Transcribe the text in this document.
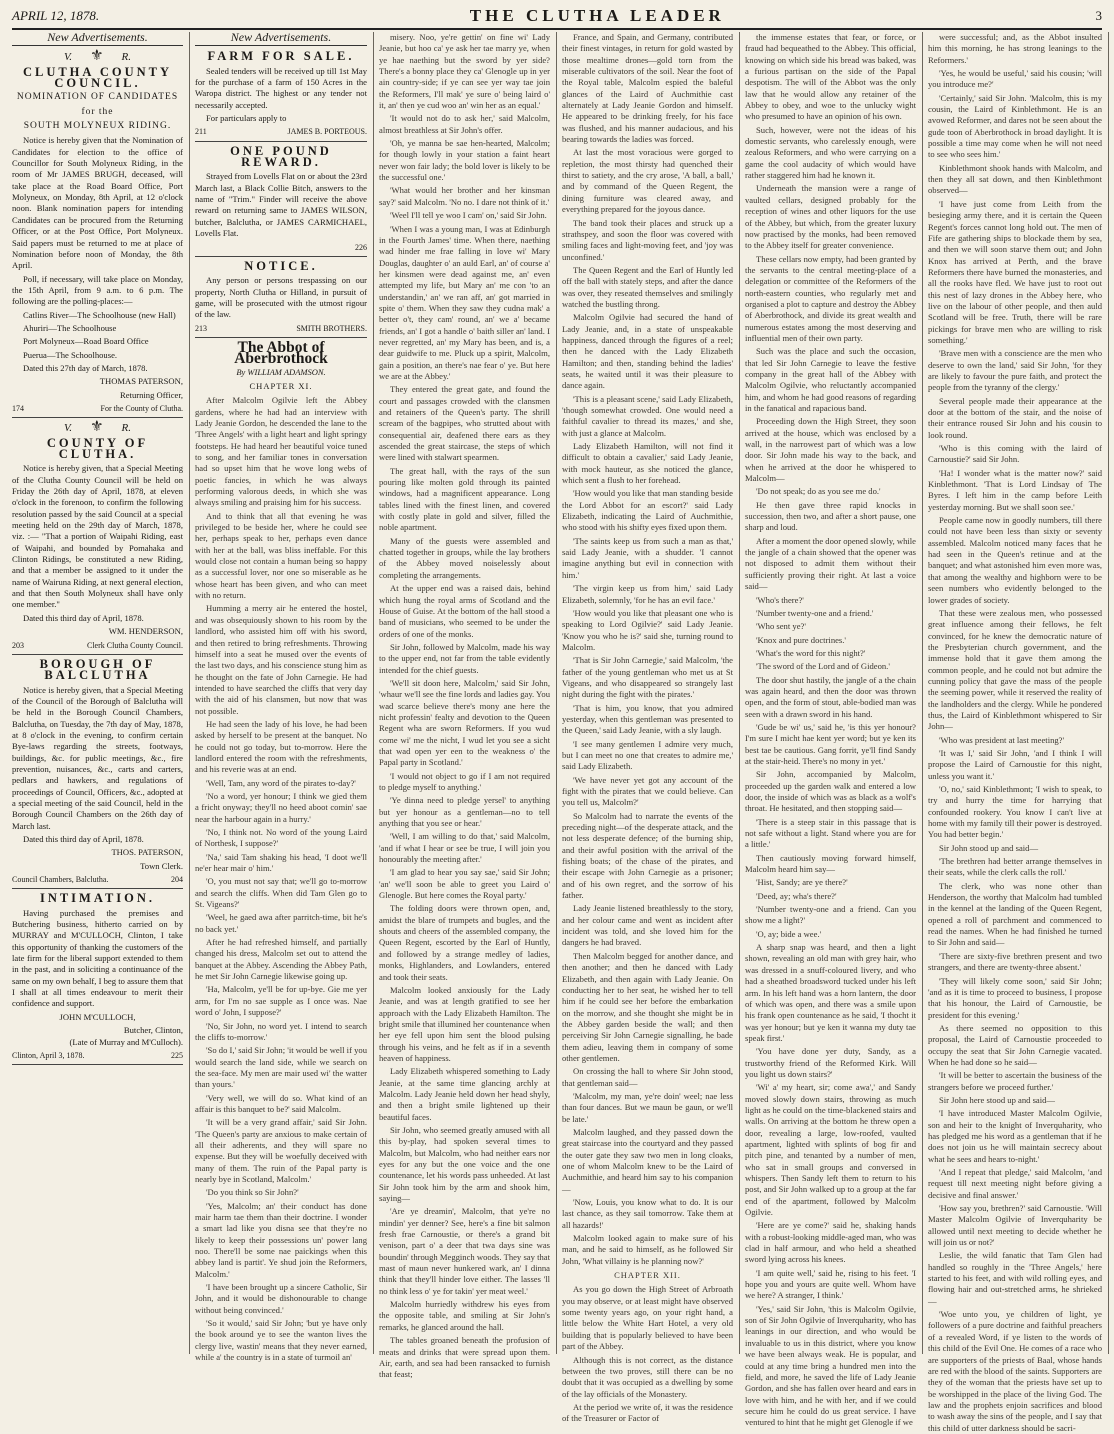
APRIL 12, 1878.	THE CLUTHA LEADER	3
New Advertisements.
V. ⚜ R.
CLUTHA COUNTY COUNCIL.
NOMINATION OF CANDIDATES
for the
SOUTH MOLYNEUX RIDING.

Notice is hereby given that the Nomination of Candidates for election to the office of Councillor for South Molyneux Riding, in the room of Mr JAMES BRUGH, deceased, will take place at the Road Board Office, Port Molyneux, on Monday, 8th April, at 12 o'clock noon. Blank nomination papers for intending Candidates can be procured from the Returning Officer, or at the Post Office, Port Molyneux. Said papers must be returned to me at place of Nomination before noon of Monday, the 8th April.

Poll, if necessary, will take place on Monday, the 15th April, from 9 a.m. to 6 p.m. The following are the polling-places:—

Catlins River—The Schoolhouse (new Hall)

Ahuriri—The Schoolhouse

Port Molyneux—Road Board Office

Puerua—The Schoolhouse.

Dated this 27th day of March, 1878.

THOMAS PATERSON,
Returning Officer,
174	For the County of Clutha.
V. ⚜ R.
COUNTY OF CLUTHA.

Notice is hereby given, that a Special Meeting of the Clutha County Council will be held on Friday the 26th day of April, 1878, at eleven o'clock in the forenoon, to confirm the following resolution passed by the said Council at a special meeting held on the 29th day of March, 1878, viz. :— "That a portion of Waipahi Riding, east of Waipahi, and bounded by Pomahaka and Clinton Ridings, be constituted a new Riding, and that a member be assigned to it under the name of Wairuna Riding, at next general election, and that then South Molyneux shall have only one member."

Dated this third day of April, 1878.

WM. HENDERSON,
203	Clerk Clutha County Council.
BOROUGH OF BALCLUTHA

Notice is hereby given, that a Special Meeting of the Council of the Borough of Balclutha will be held in the Borough Council Chambers, Balclutha, on Tuesday, the 7th day of May, 1878, at 8 o'clock in the evening, to confirm certain Bye-laws regarding the streets, footways, buildings, &c. for public meetings, &c., fire prevention, nuisances, &c., carts and carters, pedlars and hawkers, and regulations of proceedings of Council, Officers, &c., adopted at a special meeting of the said Council, held in the Borough Council Chambers on the 26th day of March last.

Dated this third day of April, 1878.

THOS. PATERSON,
Town Clerk.
Council Chambers, Balclutha.	204
INTIMATION.

Having purchased the premises and Butchering business, hitherto carried on by MURRAY and M'CULLOCH, Clinton, I take this opportunity of thanking the customers of the late firm for the liberal support extended to them in the past, and in soliciting a continuance of the same on my own behalf, I beg to assure them that I shall at all times endeavour to merit their confidence and support.

JOHN M'CULLOCH,
Butcher, Clinton,
(Late of Murray and M'Culloch).
Clinton, April 3, 1878.	225
New Advertisements.
FARM FOR SALE.

Sealed tenders will be received up till 1st May for the purchase of a farm of 150 Acres in the Waropa district. The highest or any tender not necessarily accepted.

For particulars apply to

211	JAMES B. PORTEOUS.
ONE POUND REWARD.

Strayed from Lovells Flat on or about the 23rd March last, a Black Collie Bitch, answers to the name of "Trim." Finder will receive the above reward on returning same to JAMES WILSON, butcher, Balclutha, or JAMES CARMICHAEL, Lovells Flat.

226
NOTICE.

Any person or persons trespassing on our property, North Clutha or Hilland, in pursuit of game, will be prosecuted with the utmost rigour of the law.

213	SMITH BROTHERS.
The Abbot of Aberbrothock
By WILLIAM ADAMSON.
CHAPTER XI.

After Malcolm Ogilvie left the Abbey gardens, where he had had an interview with Lady Jeanie Gordon, he descended the lane to the 'Three Angels' with a light heart and light springy footsteps. He had heard her beautiful voice tuned to song, and her familiar tones in conversation had so upset him that he wove long webs of poetic fancies, in which he was always performing valorous deeds, in which she was always smiling and praising him for his success.

And to think that all that evening he was privileged to be beside her, where he could see her, perhaps speak to her, perhaps even dance with her at the ball, was bliss ineffable. For this would close not contain a human being so happy as a successful lover, nor one so miserable as he whose heart has been given, and who can meet with no return.

Humming a merry air he entered the hostel, and was obsequiously shown to his room by the landlord, who assisted him off with his sword, and then retired to bring refreshments. Throwing himself into a seat he mused over the events of the last two days, and his conscience stung him as he thought on the fate of John Carnegie. He had intended to have searched the cliffs that very day with the aid of his clansmen, but now that was not possible.

He had seen the lady of his love, he had been asked by herself to be present at the banquet. No he could not go today, but to-morrow. Here the landlord entered the room with the refreshments, and his reverie was at an end.

'Well, Tam, any word of the pirates to-day?'

'No a word, yer honour; I think we gied them a fricht onyway; they'll no heed aboot comin' sae near the harbour again in a hurry.'

'No, I think not. No word of the young Laird of Northesk, I suppose?'

'Na,' said Tam shaking his head, 'I doot we'll ne'er hear mair o' him.'

'O, you must not say that; we'll go to-morrow and search the cliffs. When did Tam Glen go to St. Vigeans?'

'Weel, he gaed awa after parritch-time, bit he's no back yet.'

After he had refreshed himself, and partially changed his dress, Malcolm set out to attend the banquet at the Abbey. Ascending the Abbey Path, he met Sir John Carnegie likewise going up.

'Ha, Malcolm, ye'll be for up-bye. Gie me yer arm, for I'm no sae supple as I once was. Nae word o' John, I suppose?'

'No, Sir John, no word yet. I intend to search the cliffs to-morrow.'

'So do I,' said Sir John; 'it would be well if you would search the land side, while we search on the sea-face. My men are mair used wi' the watter than yours.'

'Very well, we will do so. What kind of an affair is this banquet to be?' said Malcolm.

'It will be a very grand affair,' said Sir John. 'The Queen's party are anxious to make certain of all their adherents, and they will spare no expense. But they will be woefully deceived with many of them. The ruin of the Papal party is nearly bye in Scotland, Malcolm.'

'Do you think so Sir John?'

'Yes, Malcolm; an' their conduct has done mair harm tae them than their doctrine. I wonder a smart lad like you disna see that they're no likely to keep their possessions un' power lang noo. There'll be some nae paickings when this abbey land is partit'. Ye shud join the Reformers, Malcolm.'

'I have been brought up a sincere Catholic, Sir John, and it would be dishonourable to change without being convinced.'

'So it would,' said Sir John; 'but ye have only the book around ye to see the wanton lives the clergy live, wastin' means that they never earned, while a' the country is in a state of turmoil an'

misery. Noo, ye're gettin' on fine wi' Lady Jeanie, but hoo ca' ye ask her tae marry ye, when ye hae naething but the sword by yer side? There's a bonny place they ca' Glenogle up in yer ain country-side; if ye can see yer way tae join the Reformers, I'll mak' ye sure o' being laird o' it, an' then ye cud woo an' win her as an equal.'

'It would not do to ask her,' said Malcolm, almost breathless at Sir John's offer.

'Oh, ye manna be sae hen-hearted, Malcolm; for though lowly in your station a faint heart never won fair lady; the bold lover is likely to be the successful one.'

'What would her brother and her kinsman say?' said Malcolm. 'No no. I dare not think of it.'

'Weel I'll tell ye woo I cam' on,' said Sir John.

'When I was a young man, I was at Edinburgh in the Fourth James' time. When there, naething wad hinder me frae falling in love wi' Mary Douglas, daughter o' an auld Earl, an' of course a' her kinsmen were dead against me, an' even attempted my life, but Mary an' me con 'to an understandin,' an' we ran aff, an' got married in spite o' them. When they saw they cudna mak' a better o't, they cam' round, an' we a' became friends, an' I got a handle o' baith siller an' land. I never regretted, an' my Mary has been, and is, a dear guidwife to me. Pluck up a spirit, Malcolm, gain a position, an there's nae fear o' ye. But here we are at the Abbey.'

They entered the great gate, and found the court and passages crowded with the clansmen and retainers of the Queen's party. The shrill scream of the bagpipes, who strutted about with consequential air, deafened there ears as they ascended the great staircase, the steps of which were lined with stalwart spearmen.

The great hall, with the rays of the sun pouring like molten gold through its painted windows, had a magnificent appearance. Long tables lined with the finest linen, and covered with costly plate in gold and silver, filled the noble apartment.

Many of the guests were assembled and chatted together in groups, while the lay brothers of the Abbey moved noiselessly about completing the arrangements.

At the upper end was a raised dais, behind which hung the royal arms of Scotland and the House of Guise. At the bottom of the hall stood a band of musicians, who seemed to be under the orders of one of the monks.

Sir John, followed by Malcolm, made his way to the upper end, not far from the table evidently intended for the chief guests.

'We'll sit doon here, Malcolm,' said Sir John, 'whaur we'll see the fine lords and ladies gay. You wad scarce believe there's mony ane here the nicht professin' fealty and devotion to the Queen Regent wha are sworn Reformers. If you wud come wi' me the nicht, I wud let you see a sicht that wad open yer een to the weakness o' the Papal party in Scotland.'

'I would not object to go if I am not required to pledge myself to anything.'

'Ye dinna need to pledge yersel' to anything but yer honour as a gentleman—no to tell anything that you see or hear.'

'Well, I am willing to do that,' said Malcolm, 'and if what I hear or see be true, I will join you honourably the meeting after.'

'I am glad to hear you say sae,' said Sir John; 'an' we'll soon be able to greet you Laird o' Glenogle. But here comes the Royal party.'

The folding doors were thrown open, and, amidst the blare of trumpets and bugles, and the shouts and cheers of the assembled company, the Queen Regent, escorted by the Earl of Huntly, and followed by a strange medley of ladies, monks, Highlanders, and Lowlanders, entered and took their seats.

Malcolm looked anxiously for the Lady Jeanie, and was at length gratified to see her approach with the Lady Elizabeth Hamilton. The bright smile that illumined her countenance when her eye fell upon him sent the blood pulsing through his veins, and he felt as if in a seventh heaven of happiness.

Lady Elizabeth whispered something to Lady Jeanie, at the same time glancing archly at Malcolm. Lady Jeanie held down her head shyly, and then a bright smile lightened up their beautiful faces.

Sir John, who seemed greatly amused with all this by-play, had spoken several times to Malcolm, but Malcolm, who had neither ears nor eyes for any but the one voice and the one countenance, let his words pass unheeded. At last Sir John took him by the arm and shook him, saying—

'Are ye dreamin', Malcolm, that ye're no mindin' yer denner? See, here's a fine bit salmon fresh frae Carnoustie, or there's a grand bit venison, part o' a deer that twa days sine was boundin' through Megginch woods. They say that mast of maun never hunkered wark, an' I dinna think that they'll hinder love either. The lasses 'll no think less o' ye for takin' yer meat weel.'

Malcolm hurriedly withdrew his eyes from the opposite table, and smiling at Sir John's remarks, he glanced around the hall.

The tables groaned beneath the profusion of meats and drinks that were spread upon them. Air, earth, and sea had been ransacked to furnish that feast;

France, and Spain, and Germany, contributed their finest vintages, in return for gold wasted by those mealtime drones—gold torn from the miserable cultivators of the soil. Near the foot of the Royal table, Malcolm espied the baleful glances of the Laird of Auchmithie cast alternately at Lady Jeanie Gordon and himself. He appeared to be drinking freely, for his face was flushed, and his manner audacious, and his bearing towards the ladies was forced.

At last the most voracious were gorged to repletion, the most thirsty had quenched their thirst to satiety, and the cry arose, 'A ball, a ball,' and by command of the Queen Regent, the dining furniture was cleared away, and everything prepared for the joyous dance.

The band took their places and struck up a strathspey, and soon the floor was covered with smiling faces and light-moving feet, and 'joy was unconfined.'

The Queen Regent and the Earl of Huntly led off the ball with stately steps, and after the dance was over, they reseated themselves and smilingly watched the bustling throng.

Malcolm Ogilvie had secured the hand of Lady Jeanie, and, in a state of unspeakable happiness, danced through the figures of a reel; then he danced with the Lady Elizabeth Hamilton; and then, standing behind the ladies' seats, he waited until it was their pleasure to dance again.

'This is a pleasant scene,' said Lady Elizabeth, 'though somewhat crowded. One would need a faithful cavalier to thread its mazes,' and she, with just a glance at Malcolm.

Lady Elizabeth Hamilton, will not find it difficult to obtain a cavalier,' said Lady Jeanie, with mock hauteur, as she noticed the glance, which sent a flush to her forehead.

'How would you like that man standing beside the Lord Abbot for an escort?' said Lady Elizabeth, indicating the Laird of Auchmithie, who stood with his shifty eyes fixed upon them.

'The saints keep us from such a man as that,' said Lady Jeanie, with a shudder. 'I cannot imagine anything but evil in connection with him.'

'The virgin keep us from him,' said Lady Elizabeth, solemnly, 'for he has an evil face.'

'How would you like that pleasant one who is speaking to Lord Ogilvie?' said Lady Jeanie. 'Know you who he is?' said she, turning round to Malcolm.

'That is Sir John Carnegie,' said Malcolm, 'the father of the young gentleman who met us at St Vigeans, and who disappeared so strangely last night during the fight with the pirates.'

'That is him, you know, that you admired yesterday, when this gentleman was presented to the Queen,' said Lady Jeanie, with a sly laugh.

'I see many gentlemen I admire very much, but I can meet no one that creates to admire me,' said Lady Elizabeth.

'We have never yet got any account of the fight with the pirates that we could believe. Can you tell us, Malcolm?'

So Malcolm had to narrate the events of the preceding night—of the desperate attack, and the not less desperate defence; of the burning ship, and their awful position with the arrival of the fishing boats; of the chase of the pirates, and their escape with John Carnegie as a prisoner; and of his own regret, and the sorrow of his father.

Lady Jeanie listened breathlessly to the story, and her colour came and went as incident after incident was told, and she loved him for the dangers he had braved.

Then Malcolm begged for another dance, and then another; and then he danced with Lady Elizabeth, and then again with Lady Jeanie. On conducting her to her seat, he wished her to tell him if he could see her before the embarkation on the morrow, and she thought she might be in the Abbey garden beside the wall; and then perceiving Sir John Carnegie signalling, he bade them adieu, leaving them in company of some other gentlemen.

On crossing the hall to where Sir John stood, that gentleman said—

'Malcolm, my man, ye're doin' weel; nae less than four dances. But we maun be gaun, or we'll be late.'

Malcolm laughed, and they passed down the great staircase into the courtyard and they passed the outer gate they saw two men in long cloaks, one of whom Malcolm knew to be the Laird of Auchmithie, and heard him say to his companion—

'Now, Louis, you know what to do. It is our last chance, as they sail tomorrow. Take them at all hazards!'

Malcolm looked again to make sure of his man, and he said to himself, as he followed Sir John, 'What villainy is he planning now?'

CHAPTER XII.

As you go down the High Street of Arbroath you may observe, or at least might have observed some twenty years ago, on your right hand, a little below the White Hart Hotel, a very old building that is popularly believed to have been part of the Abbey.

Although this is not correct, as the distance between the two proves, still there can be no doubt that it was occupied as a dwelling by some of the lay officials of the Monastery.

At the period we write of, it was the residence of the Treasurer or Factor of

the immense estates that fear, or force, or fraud had bequeathed to the Abbey. This official, knowing on which side his bread was baked, was a furious partisan on the side of the Papal despotism. The will of the Abbot was the only law that he would allow any retainer of the Abbey to obey, and woe to the unlucky wight who presumed to have an opinion of his own.

Such, however, were not the ideas of his domestic servants, who carelessly enough, were zealous Reformers, and who were carrying on a game the cool audacity of which would have rather staggered him had he known it.

Underneath the mansion were a range of vaulted cellars, designed probably for the reception of wines and other liquors for the use of the Abbey, but which, from the greater luxury now practised by the monks, had been removed to the Abbey itself for greater convenience.

These cellars now empty, had been granted by the servants to the central meeting-place of a delegation or committee of the Reformers of the north-eastern counties, who regularly met and organised a plot to capture and destroy the Abbey of Aberbrothock, and divide its great wealth and numerous estates among the most deserving and influential men of their own party.

Such was the place and such the occasion, that led Sir John Carnegie to leave the festive company in the great hall of the Abbey with Malcolm Ogilvie, who reluctantly accompanied him, and whom he had good reasons of regarding in the fanatical and rapacious band.

Proceeding down the High Street, they soon arrived at the house, which was enclosed by a wall, in the narrowest part of which was a low door. Sir John made his way to the back, and when he arrived at the door he whispered to Malcolm—

'Do not speak; do as you see me do.'

He then gave three rapid knocks in succession, then two, and after a short pause, one sharp and loud.

After a moment the door opened slowly, while the jangle of a chain showed that the opener was not disposed to admit them without their sufficiently proving their right. At last a voice said—

'Who's there?'

'Number twenty-one and a friend.'

'Who sent ye?'

'Knox and pure doctrines.'

'What's the word for this night?'

'The sword of the Lord and of Gideon.'

The door shut hastily, the jangle of a the chain was again heard, and then the door was thrown open, and the form of stout, able-bodied man was seen with a drawn sword in his hand.

'Gude be wi' us,' said he, 'is this yer honour? I'm sure I micht hae kent yer word; but ye ken its best tae be cautious. Gang forrit, ye'll find Sandy at the stair-heid. There's no mony in yet.'

Sir John, accompanied by Malcolm, proceeded up the garden walk and entered a low door, the inside of which was as black as a wolf's throat. He hesitated, and then stopping said—

'There is a steep stair in this passage that is not safe without a light. Stand where you are for a little.'

Then cautiously moving forward himself, Malcolm heard him say—

'Hist, Sandy; are ye there?'

'Deed, ay; wha's there?'

'Number twenty-one and a friend. Can you show me a light?'

'O, ay; bide a wee.'

A sharp snap was heard, and then a light shown, revealing an old man with grey hair, who was dressed in a snuff-coloured livery, and who had a sheathed broadsword tucked under his left arm. In his left hand was a horn lantern, the door of which was open, and there was a smile upon his frank open countenance as he said, 'I thocht it was yer honour; but ye ken it wanna my duty tae speak first.'

'You have done yer duty, Sandy, as a trustworthy friend of the Reformed Kirk. Will you light us down stairs?'

'Wi' a' my heart, sir; come awa',' and Sandy moved slowly down stairs, throwing as much light as he could on the time-blackened stairs and walls. On arriving at the bottom he threw open a door, revealing a large, low-roofed, vaulted apartment, lighted with splints of bog fir and pitch pine, and tenanted by a number of men, who sat in small groups and conversed in whispers. Then Sandy left them to return to his post, and Sir John walked up to a group at the far end of the apartment, followed by Malcolm Ogilvie.

'Here are ye come?' said he, shaking hands with a robust-looking middle-aged man, who was clad in half armour, and who held a sheathed sword lying across his knees.

'I am quite well,' said he, rising to his feet. 'I hope you and yours are quite well. Whom have we here? A stranger, I think.'

'Yes,' said Sir John, 'this is Malcolm Ogilvie, son of Sir John Ogilvie of Inverquharity, who has leanings in our direction, and who would be invaluable to us in this district, where you know we have been always weak. He is popular, and could at any time bring a hundred men into the field, and more, he saved the life of Lady Jeanie Gordon, and she has fallen over heard and ears in love with him, and he with her, and if we could secure him he could do us great service. I have ventured to hint that he might get Glenogle if we

were successful; and, as the Abbot insulted him this morning, he has strong leanings to the Reformers.'

'Yes, he would be useful,' said his cousin; 'will you introduce me?'

'Certainly,' said Sir John. 'Malcolm, this is my cousin, the Laird of Kinblethmont. He is an avowed Reformer, and dares not be seen about the gude toon of Aberbrothock in broad daylight. It is possible a time may come when he will not need to see who sees him.'

Kinblethmont shook hands with Malcolm, and then they all sat down, and then Kinblethmont observed—

'I have just come from Leith from the besieging army there, and it is certain the Queen Regent's forces cannot long hold out. The men of Fife are gathering ships to blockade them by sea, and then we will soon starve them out; and John Knox has arrived at Perth, and the brave Reformers there have burned the monasteries, and all the rooks have fled. We have just to root out this nest of lazy drones in the Abbey here, who live on the labour of other people, and then auld Scotland will be free. Truth, there will be rare pickings for brave men who are willing to risk something.'

'Brave men with a conscience are the men who deserve to own the land,' said Sir John, 'for they are likely to favour the pure faith, and protect the people from the tyranny of the clergy.'

Several people made their appearance at the door at the bottom of the stair, and the noise of their entrance roused Sir John and his cousin to look round.

'Who is this coming with the laird of Carnoustie?' said Sir John.

'Ha! I wonder what is the matter now?' said Kinblethmont. 'That is Lord Lindsay of The Byres. I left him in the camp before Leith yesterday morning. But we shall soon see.'

People came now in goodly numbers, till there could not have been less than sixty or seventy assembled. Malcolm noticed many faces that he had seen in the Queen's retinue and at the banquet; and what astonished him even more was, that among the wealthy and highborn were to be seen numbers who evidently belonged to the lower grades of society.

That these were zealous men, who possessed great influence among their fellows, he felt convinced, for he knew the democratic nature of the Presbyterian church government, and the immense hold that it gave them among the common people, and he could not but admire the cunning policy that gave the mass of the people the seeming power, while it reserved the reality of the landholders and the clergy. While he pondered thus, the Laird of Kinblethmont whispered to Sir John—

'Who was president at last meeting?'

'It was I,' said Sir John, 'and I think I will propose the Laird of Carnoustie for this night, unless you want it.'

'O, no,' said Kinblethmont; 'I wish to speak, to try and hurry the time for harrying that confounded rookery. You know I can't live at home with my family till their power is destroyed. You had better begin.'

Sir John stood up and said—

'The brethren had better arrange themselves in their seats, while the clerk calls the roll.'

The clerk, who was none other than Henderson, the worthy that Malcolm had tumbled in the kennel at the landing of the Queen Regent, opened a roll of parchment and commenced to read the names. When he had finished he turned to Sir John and said—

'There are sixty-five brethren present and two strangers, and there are twenty-three absent.'

'They will likely come soon,' said Sir John; 'and as it is time to proceed to business, I propose that his honour, the Laird of Carnoustie, be president for this evening.'

As there seemed no opposition to this proposal, the Laird of Carnoustie proceeded to occupy the seat that Sir John Carnegie vacated. When he had done so he said—

'It will be better to ascertain the business of the strangers before we proceed further.'

Sir John here stood up and said—

'I have introduced Master Malcolm Ogilvie, son and heir to the knight of Inverquharity, who has pledged me his word as a gentleman that if he does not join us he will maintain secrecy about what he sees and hears to-night.'

'And I repeat that pledge,' said Malcolm, 'and request till next meeting night before giving a decisive and final answer.'

'How say you, brethren?' said Carnoustie. 'Will Master Malcolm Ogilvie of Inverquharity be allowed until next meeting to decide whether he will join us or not?'

Leslie, the wild fanatic that Tam Glen had handled so roughly in the 'Three Angels,' here started to his feet, and with wild rolling eyes, and flowing hair and out-stretched arms, he shrieked—

'Woe unto you, ye children of light, ye followers of a pure doctrine and faithful preachers of a revealed Word, if ye listen to the words of this child of the Evil One. He comes of a race who are supporters of the priests of Baal, whose hands are red with the blood of the saints. Supporters are they of the woman that the priests have set up to be worshipped in the place of the living God. The law and the prophets enjoin sacrifices and blood to wash away the sins of the people, and I say that this child of utter darkness should be sacri-
